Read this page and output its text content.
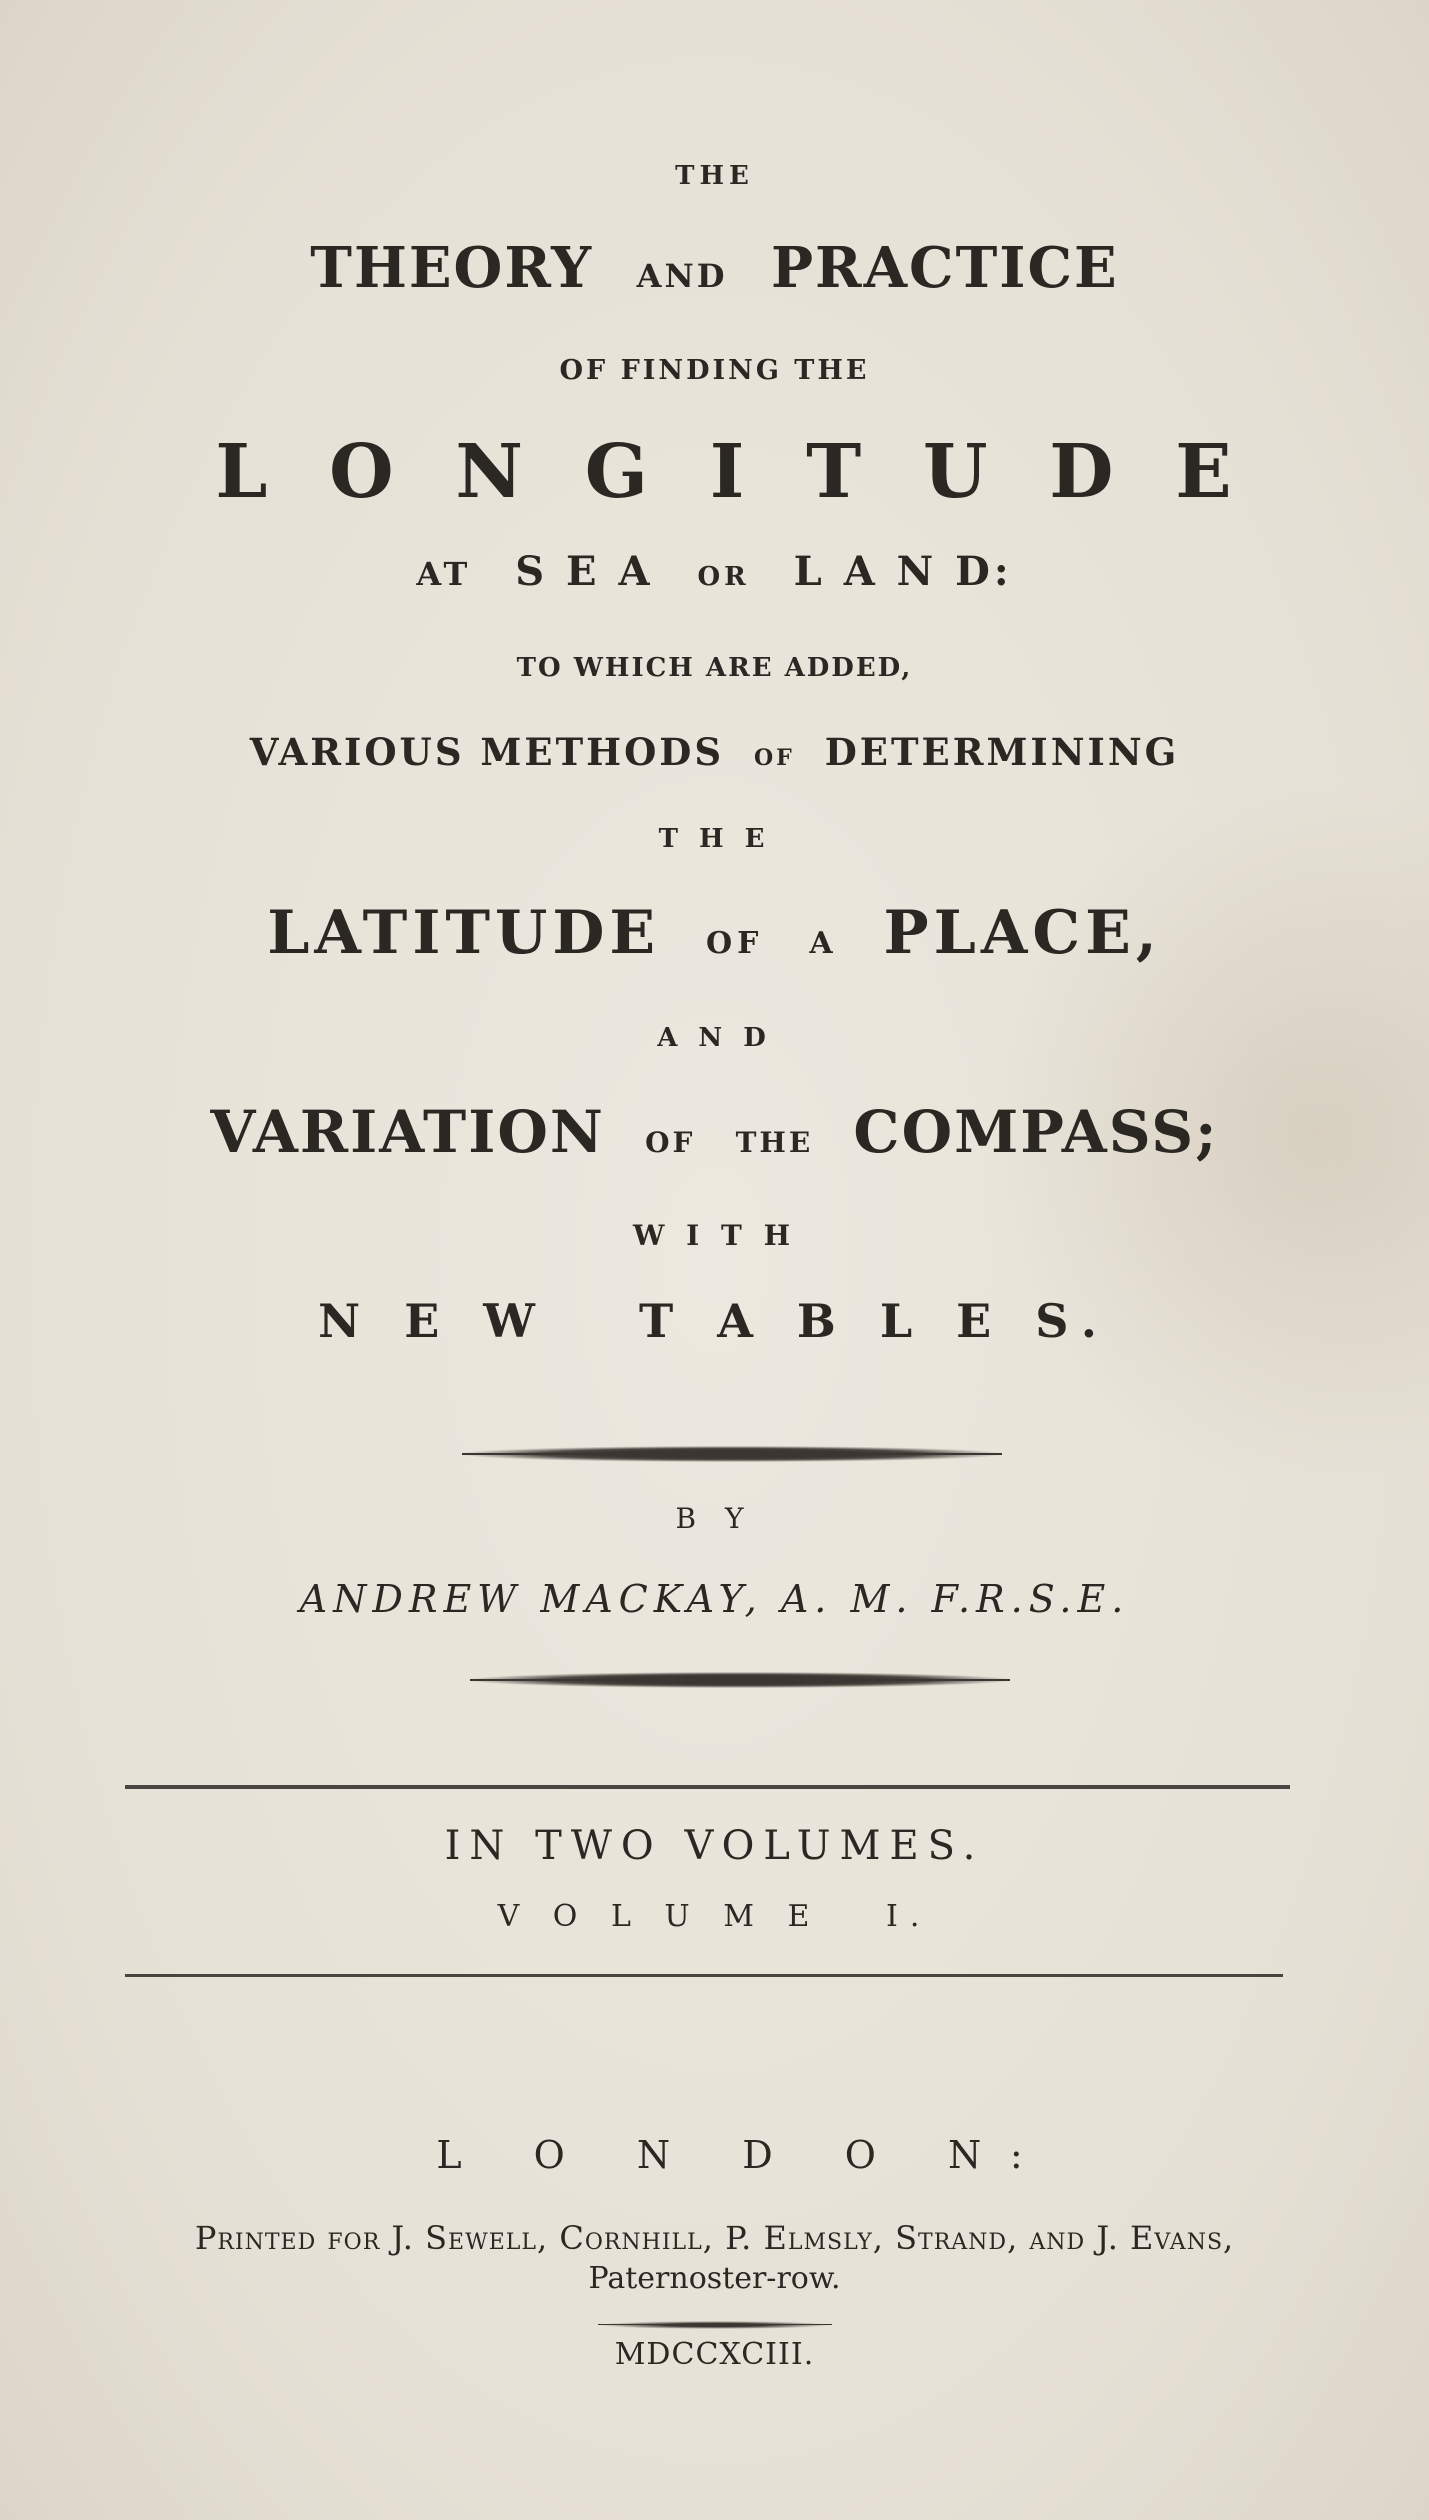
THE
THEORY AND PRACTICE
OF FINDING THE
L O N G I T U D E
AT S E A OR L A N D:
TO WHICH ARE ADDED,
VARIOUS METHODS OF DETERMINING
T H E
LATITUDE OF A PLACE,
A N D
VARIATION OF THE COMPASS;
W I T H
N E W   T A B L E S.
B Y
ANDREW MACKAY, A. M. F.R.S.E.
IN TWO VOLUMES.
V O L U M E   I.
L O N D O N:
Printed for J. Sewell, Cornhill, P. Elmsly, Strand, and J. Evans,
Paternoster-row.
MDCCXCIII.
